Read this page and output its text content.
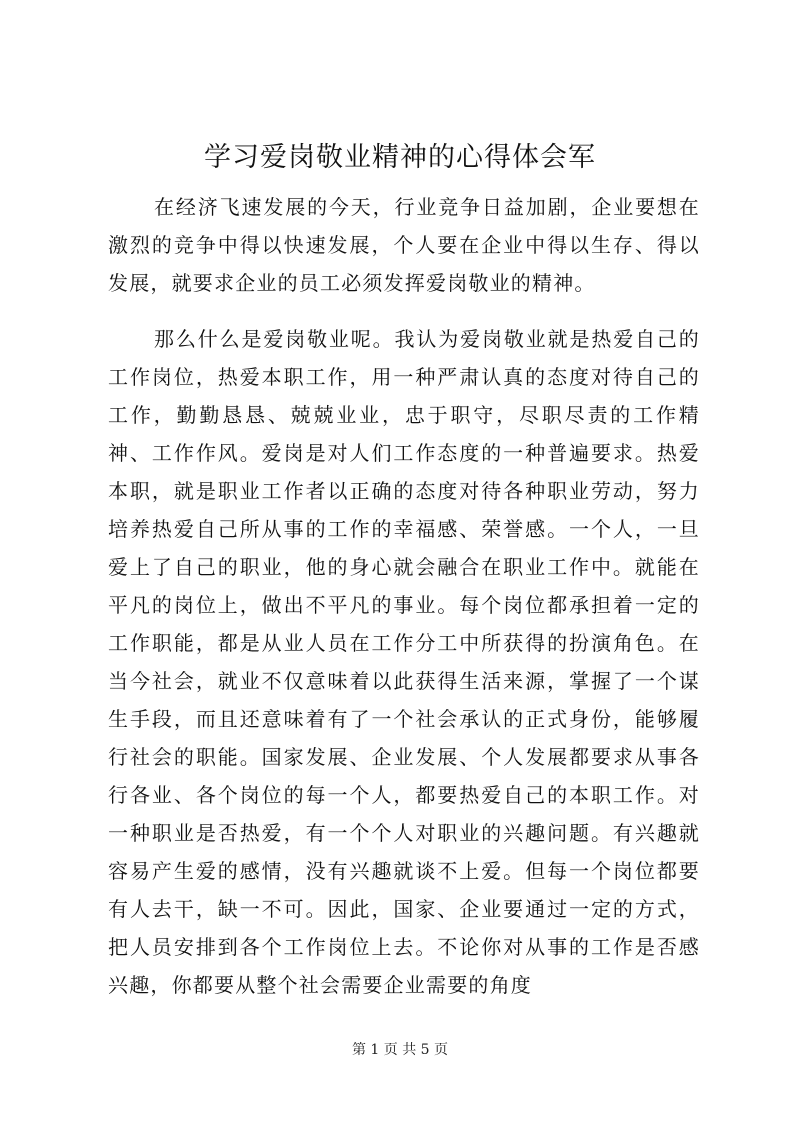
学习爱岗敬业精神的心得体会军

在经济飞速发展的今天，行业竞争日益加剧，企业要想在激烈的竞争中得以快速发展，个人要在企业中得以生存、得以发展，就要求企业的员工必须发挥爱岗敬业的精神。

那么什么是爱岗敬业呢。我认为爱岗敬业就是热爱自己的工作岗位，热爱本职工作，用一种严肃认真的态度对待自己的工作，勤勤恳恳、兢兢业业，忠于职守，尽职尽责的工作精神、工作作风。爱岗是对人们工作态度的一种普遍要求。热爱本职，就是职业工作者以正确的态度对待各种职业劳动，努力培养热爱自己所从事的工作的幸福感、荣誉感。一个人，一旦爱上了自己的职业，他的身心就会融合在职业工作中。就能在平凡的岗位上，做出不平凡的事业。每个岗位都承担着一定的工作职能，都是从业人员在工作分工中所获得的扮演角色。在当今社会，就业不仅意味着以此获得生活来源，掌握了一个谋生手段，而且还意味着有了一个社会承认的正式身份，能够履行社会的职能。国家发展、企业发展、个人发展都要求从事各行各业、各个岗位的每一个人，都要热爱自己的本职工作。对一种职业是否热爱，有一个个人对职业的兴趣问题。有兴趣就容易产生爱的感情，没有兴趣就谈不上爱。但每一个岗位都要有人去干，缺一不可。因此，国家、企业要通过一定的方式，把人员安排到各个工作岗位上去。不论你对从事的工作是否感兴趣，你都要从整个社会需要企业需要的角度

第 1 页 共 5 页
